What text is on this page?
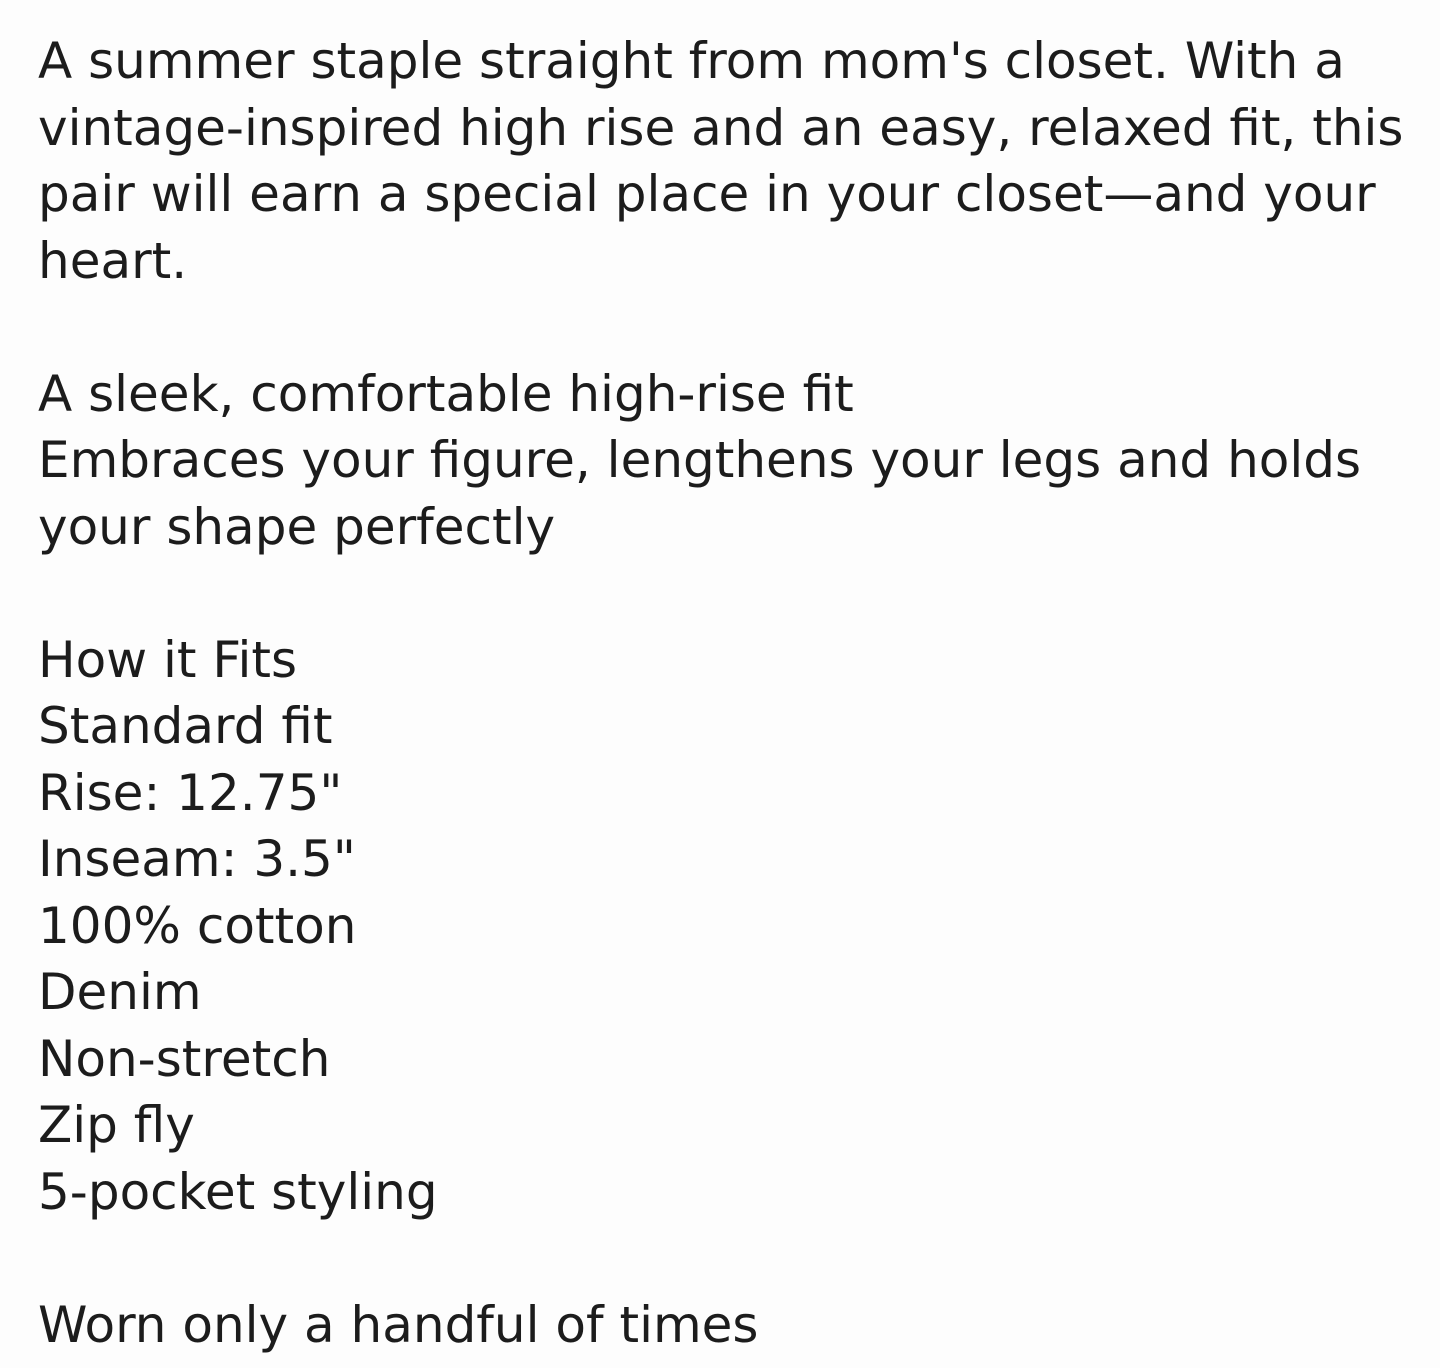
A summer staple straight from mom's closet. With a
vintage-inspired high rise and an easy, relaxed fit, this
pair will earn a special place in your closet—and your
heart.
A sleek, comfortable high-rise fit
Embraces your figure, lengthens your legs and holds
your shape perfectly
How it Fits
Standard fit
Rise: 12.75"
Inseam: 3.5"
100% cotton
Denim
Non-stretch
Zip fly
5-pocket styling
Worn only a handful of times
